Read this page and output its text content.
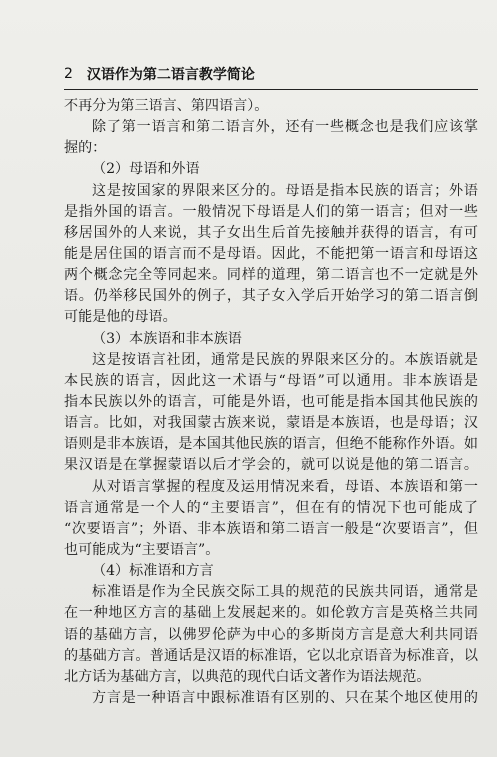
2 汉语作为第二语言教学简论
不再分为第三语言、第四语言）。
除了第一语言和第二语言外，还有一些概念也是我们应该掌
握的：
（2）母语和外语
这是按国家的界限来区分的。母语是指本民族的语言；外语
是指外国的语言。一般情况下母语是人们的第一语言；但对一些
移居国外的人来说，其子女出生后首先接触并获得的语言，有可
能是居住国的语言而不是母语。因此，不能把第一语言和母语这
两个概念完全等同起来。同样的道理，第二语言也不一定就是外
语。仍举移民国外的例子，其子女入学后开始学习的第二语言倒
可能是他的母语。
（3）本族语和非本族语
这是按语言社团，通常是民族的界限来区分的。本族语就是
本民族的语言，因此这一术语与“母语”可以通用。非本族语是
指本民族以外的语言，可能是外语，也可能是指本国其他民族的
语言。比如，对我国蒙古族来说，蒙语是本族语，也是母语；汉
语则是非本族语，是本国其他民族的语言，但绝不能称作外语。如
果汉语是在掌握蒙语以后才学会的，就可以说是他的第二语言。
从对语言掌握的程度及运用情况来看，母语、本族语和第一
语言通常是一个人的“主要语言”，但在有的情况下也可能成了
“次要语言”；外语、非本族语和第二语言一般是“次要语言”，但
也可能成为“主要语言”。
（4）标准语和方言
标准语是作为全民族交际工具的规范的民族共同语，通常是
在一种地区方言的基础上发展起来的。如伦敦方言是英格兰共同
语的基础方言，以佛罗伦萨为中心的多斯岗方言是意大利共同语
的基础方言。普通话是汉语的标准语，它以北京语音为标准音，以
北方话为基础方言，以典范的现代白话文著作为语法规范。
方言是一种语言中跟标准语有区别的、只在某个地区使用的
